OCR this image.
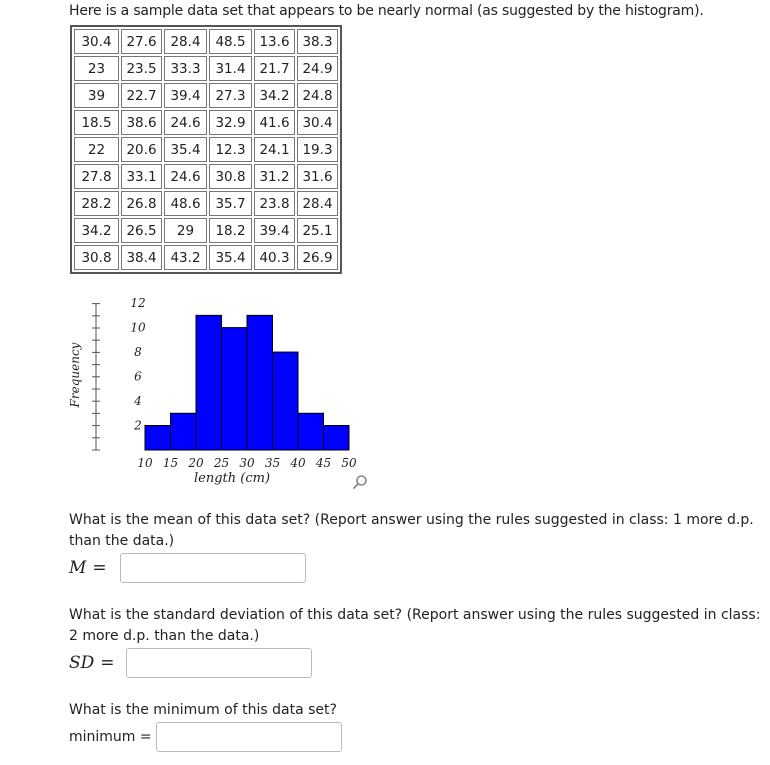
Here is a sample data set that appears to be nearly normal (as suggested by the histogram).
30.4	27.6	28.4	48.5	13.6	38.3
23	23.5	33.3	31.4	21.7	24.9
39	22.7	39.4	27.3	34.2	24.8
18.5	38.6	24.6	32.9	41.6	30.4
22	20.6	35.4	12.3	24.1	19.3
27.8	33.1	24.6	30.8	31.2	31.6
28.2	26.8	48.6	35.7	23.8	28.4
34.2	26.5	29	18.2	39.4	25.1
30.8	38.4	43.2	35.4	40.3	26.9
10 15 20 25 30 35 40 45 50
2
4
6
8
10
12
length (cm)
Frequency
What is the mean of this data set? (Report answer using the rules suggested in class: 1 more d.p. than the data.)
M =
What is the standard deviation of this data set? (Report answer using the rules suggested in class: 2 more d.p. than the data.)
SD =
What is the minimum of this data set?
minimum =
